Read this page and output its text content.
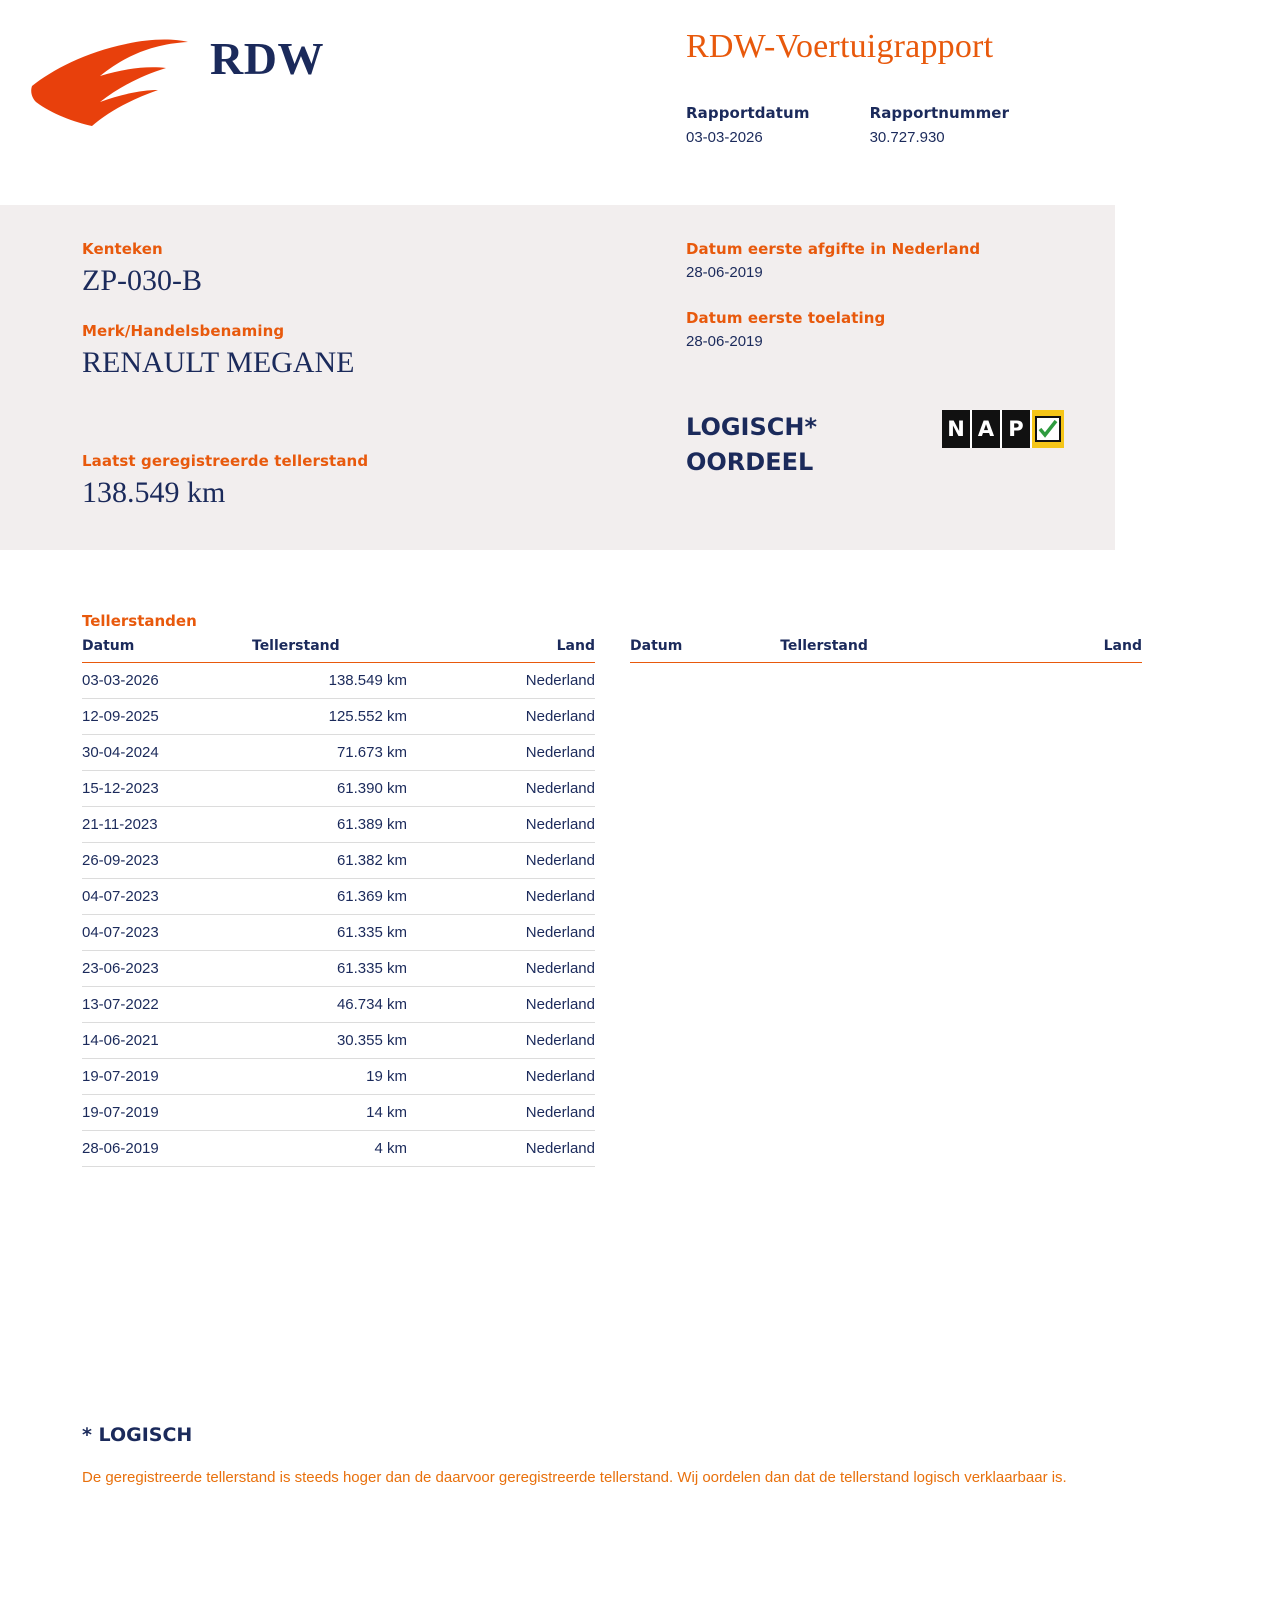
RDW	RDW-Voertuigrapport
Rapportdatum
03-03-2026
Rapportnummer
30.727.930
Kenteken
ZP-030-B
Merk/Handelsbenaming
RENAULT MEGANE
Laatst geregistreerde tellerstand
138.549 km
Datum eerste afgifte in Nederland
28-06-2019
Datum eerste toelating
28-06-2019
LOGISCH*
OORDEEL
N A P
Tellerstanden
Datum	Tellerstand	Land
03-03-2026	138.549 km	Nederland
12-09-2025	125.552 km	Nederland
30-04-2024	71.673 km	Nederland
15-12-2023	61.390 km	Nederland
21-11-2023	61.389 km	Nederland
26-09-2023	61.382 km	Nederland
04-07-2023	61.369 km	Nederland
04-07-2023	61.335 km	Nederland
23-06-2023	61.335 km	Nederland
13-07-2022	46.734 km	Nederland
14-06-2021	30.355 km	Nederland
19-07-2019	19 km	Nederland
19-07-2019	14 km	Nederland
28-06-2019	4 km	Nederland
Datum	Tellerstand	Land
* LOGISCH
De geregistreerde tellerstand is steeds hoger dan de daarvoor geregistreerde tellerstand. Wij oordelen dan dat de tellerstand logisch verklaarbaar is.
